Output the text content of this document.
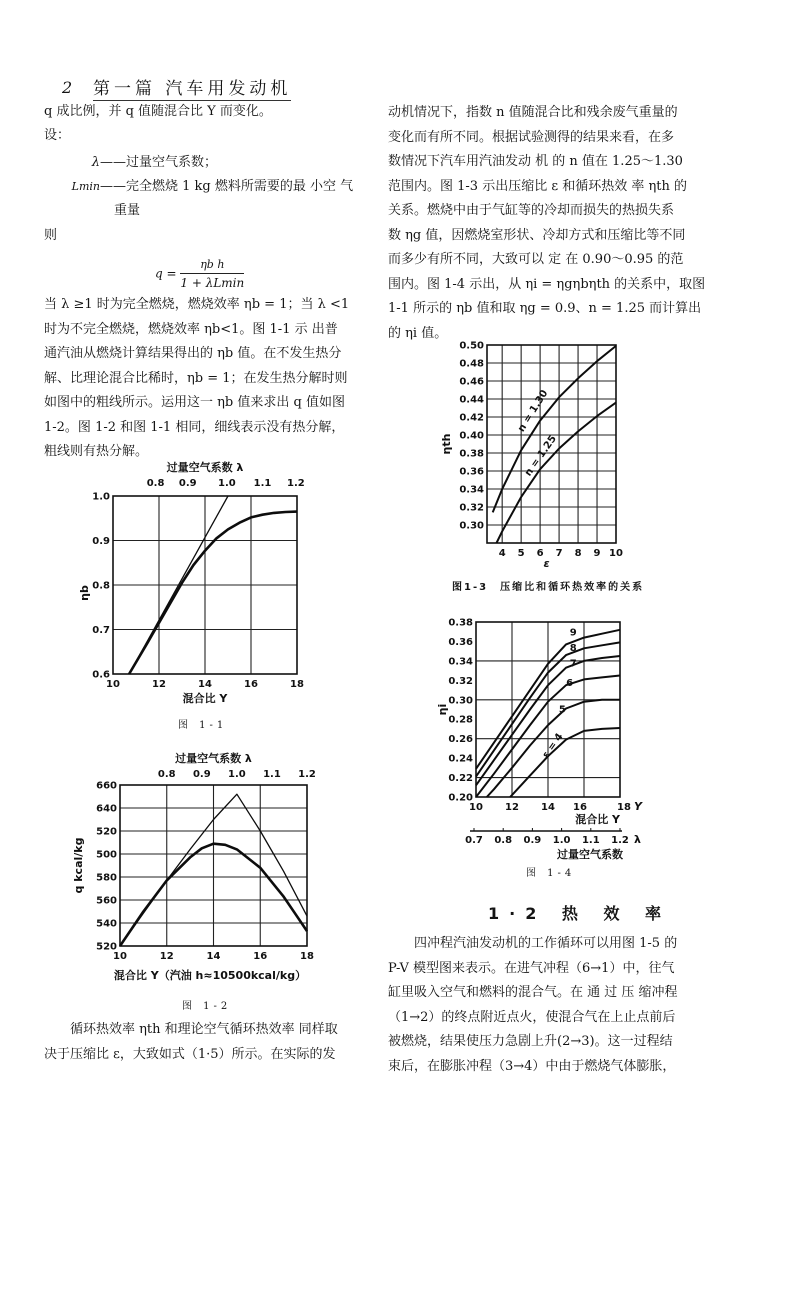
2 第一篇 汽车用发动机
q 成比例，并 q 值随混合比 Y 而变化。
设：
λ——过量空气系数；
Lmin——完全燃烧 1 kg 燃料所需要的最 小空 气
重量
则
$q = \frac{\text{ηb h}}{1 + \lambda Lmin}$
当 λ ≥1 时为完全燃烧，燃烧效率 ηb = 1；当 λ <1
时为不完全燃烧，燃烧效率 ηb<1。图 1-1 示 出普
通汽油从燃烧计算结果得出的 ηb 值。在不发生热分
解、比理论混合比稀时，ηb = 1；在发生热分解时则
如图中的粗线所示。运用这一 ηb 值来求出 q 值如图
1-2。图 1-2 和图 1-1 相同，细线表示没有热分解，
粗线则有热分解。
0.6
0.7
0.8
0.9
1.0
10	12	14	16	18
过量空气系数 λ
0.8 0.9 1.0 1.1 1.2
混合比 Y
ηb
图 1-1
520
540
560
580
500
520
640
660
10	12	14	16	18
过量空气系数 λ
0.8 0.9 1.0 1.1 1.2
混合比 Y（汽油 h≈10500kcal/kg）
q kcal/kg
图 1-2
循环热效率 ηth 和理论空气循环热效率 同样取
决于压缩比 ε，大致如式（1·5）所示。在实际的发
动机情况下，指数 n 值随混合比和残余废气重量的
变化而有所不同。根据试验测得的结果来看，在多
数情况下汽车用汽油发动 机 的 n 值在 1.25～1.30
范围内。图 1-3 示出压缩比 ε 和循环热效 率 ηth 的
关系。燃烧中由于气缸等的冷却而损失的热损失系
数 ηg 值，因燃烧室形状、冷却方式和压缩比等不同
而多少有所不同，大致可以 定 在 0.90～0.95 的范
围内。图 1-4 示出，从 ηi = ηgηbηth 的关系中，取图
1-1 所示的 ηb 值和取 ηg = 0.9、n = 1.25 而计算出
的 ηi 值。
0.30
0.32
0.34
0.36
0.38
0.40
0.42
0.44
0.46
0.48
0.50
4 5 6 7 8 9 10
ε
ηth
n = 1.30
n = 1.25
图1-3　压缩比和循环热效率的关系
0.20
0.22
0.24
0.26
0.28
0.30
0.32
0.34
0.36
0.38
10 12 14 16	18 Y
混合比 Y
0.7 0.8 0.9 1.0 1.1 1.2 λ
过量空气系数
ηi
9
8
7
6
5
ε = 4
图 1-4
1·2 热 效 率
四冲程汽油发动机的工作循环可以用图 1-5 的
P-V 模型图来表示。在进气冲程（6→1）中，往气
缸里吸入空气和燃料的混合气。在 通 过 压 缩冲程
（1→2）的终点附近点火，使混合气在上止点前后
被燃烧，结果使压力急剧上升(2→3)。这一过程结
束后，在膨胀冲程（3→4）中由于燃烧气体膨胀，
